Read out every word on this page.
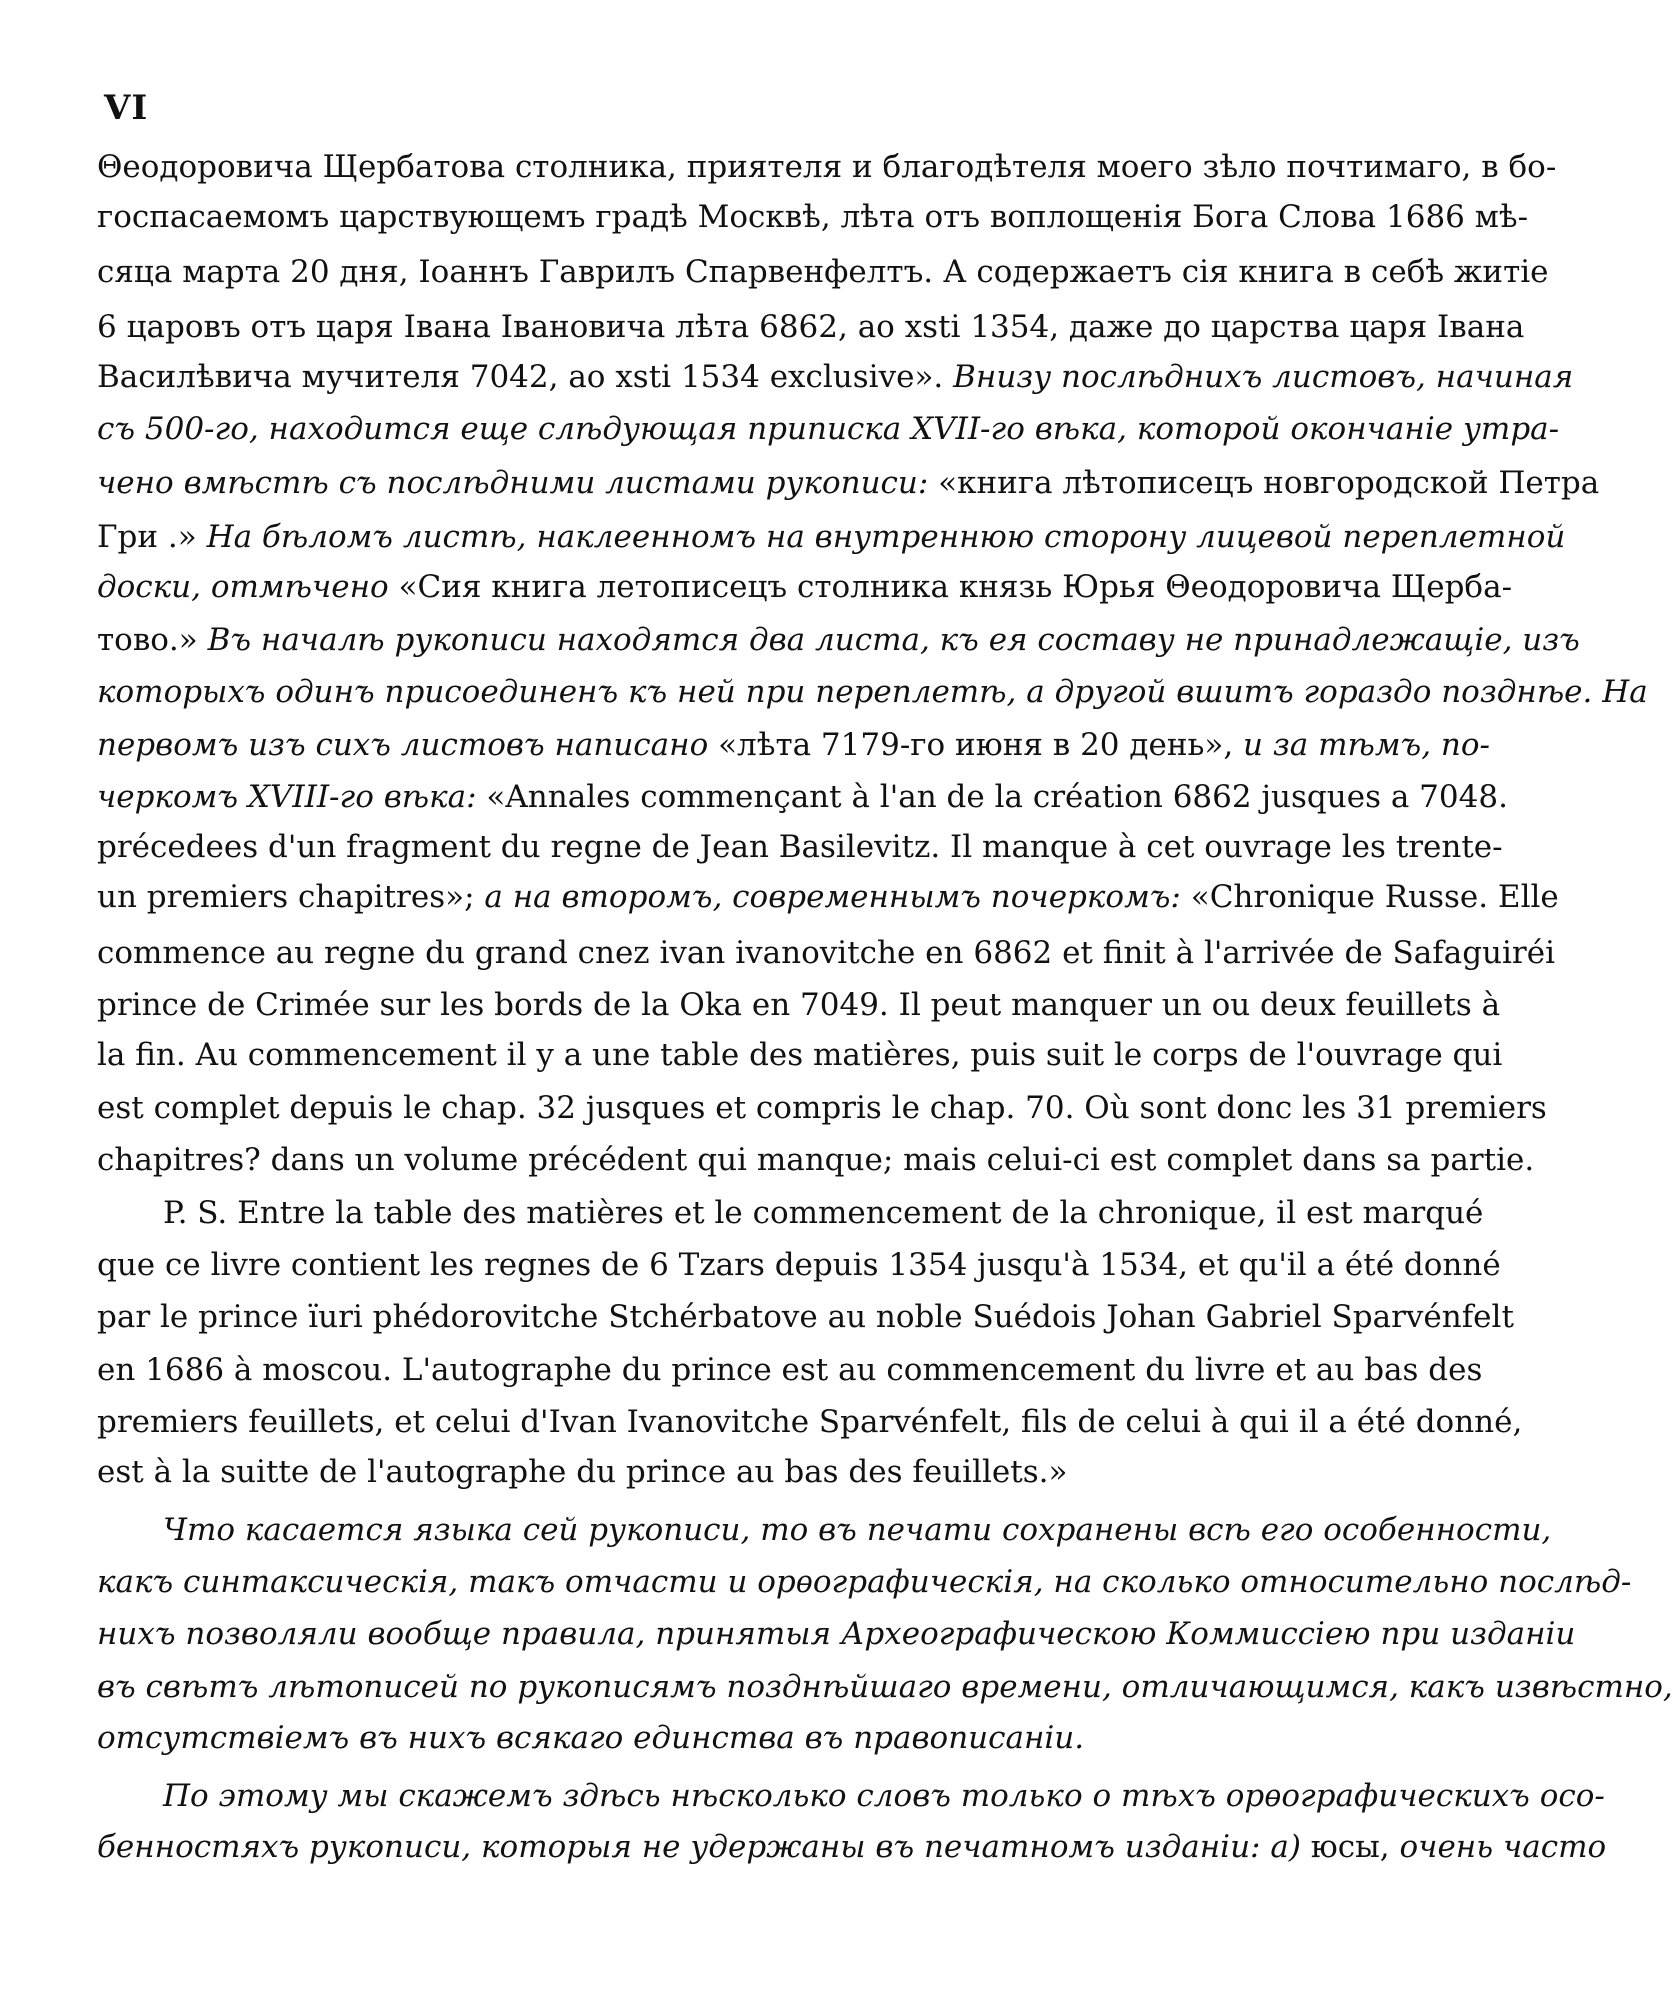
VI
Θеодоровича Щербатова столника, приятеля и благодѣтеля моего зѣло почтимаго, в бо-
госпасаемомъ царствующемъ градѣ Москвѣ, лѣта отъ воплощенія Бога Слова 1686 мѣ-
сяца марта 20 дня, Іоаннъ Гаврилъ Спарвенфелтъ. А содержаетъ сія книга в себѣ житіе
6 царовъ отъ царя Івана Івановича лѣта 6862, ао xsti 1354, даже до царства царя Івана
Василѣвича мучителя 7042, ао xsti 1534 exclusive». Внизу послѣднихъ листовъ, начиная
съ 500-го, находится еще слѣдующая приписка XVII-го вѣка, которой окончаніе утра-
чено вмѣстѣ съ послѣдними листами рукописи: «книга лѣтописецъ новгородской Петра
Гри .» На бѣломъ листѣ, наклеенномъ на внутреннюю сторону лицевой переплетной
доски, отмѣчено «Сия книга летописецъ столника князь Юрья Θеодоровича Щерба-
тово.» Въ началѣ рукописи находятся два листа, къ ея составу не принадлежащіе, изъ
которыхъ одинъ присоединенъ къ ней при переплетѣ, а другой вшитъ гораздо позднѣе. На
первомъ изъ сихъ листовъ написано «лѣта 7179-го июня в 20 день», и за тѣмъ, по-
черкомъ XVIII-го вѣка: «Annales commençant à l'an de la création 6862 jusques a 7048.
précedees d'un fragment du regne de Jean Basilevitz. Il manque à cet ouvrage les trente-
un premiers chapitres»; а на второмъ, современнымъ почеркомъ: «Chronique Russe. Elle
commence au regne du grand cnez ivan ivanovitche en 6862 et finit à l'arrivée de Safaguiréi
prince de Crimée sur les bords de la Oka en 7049. Il peut manquer un ou deux feuillets à
la fin. Au commencement il y a une table des matières, puis suit le corps de l'ouvrage qui
est complet depuis le chap. 32 jusques et compris le chap. 70. Où sont donc les 31 premiers
chapitres? dans un volume précédent qui manque; mais celui-ci est complet dans sa partie.
P. S. Entre la table des matières et le commencement de la chronique, il est marqué
que ce livre contient les regnes de 6 Tzars depuis 1354 jusqu'à 1534, et qu'il a été donné
par le prince ïuri phédorovitche Stchérbatove au noble Suédois Johan Gabriel Sparvénfelt
en 1686 à moscou. L'autographe du prince est au commencement du livre et au bas des
premiers feuillets, et celui d'Ivan Ivanovitche Sparvénfelt, fils de celui à qui il a été donné,
est à la suitte de l'autographe du prince au bas des feuillets.»
Что касается языка сей рукописи, то въ печати сохранены всѣ его особенности,
какъ синтаксическія, такъ отчасти и орѳографическія, на сколько относительно послѣд-
нихъ позволяли вообще правила, принятыя Археографическою Коммиссіею при изданіи
въ свѣтъ лѣтописей по рукописямъ позднѣйшаго времени, отличающимся, какъ извѣстно,
отсутствіемъ въ нихъ всякаго единства въ правописаніи.
По этому мы скажемъ здѣсь нѣсколько словъ только о тѣхъ орѳографическихъ осо-
бенностяхъ рукописи, которыя не удержаны въ печатномъ изданіи: а) юсы, очень часто
